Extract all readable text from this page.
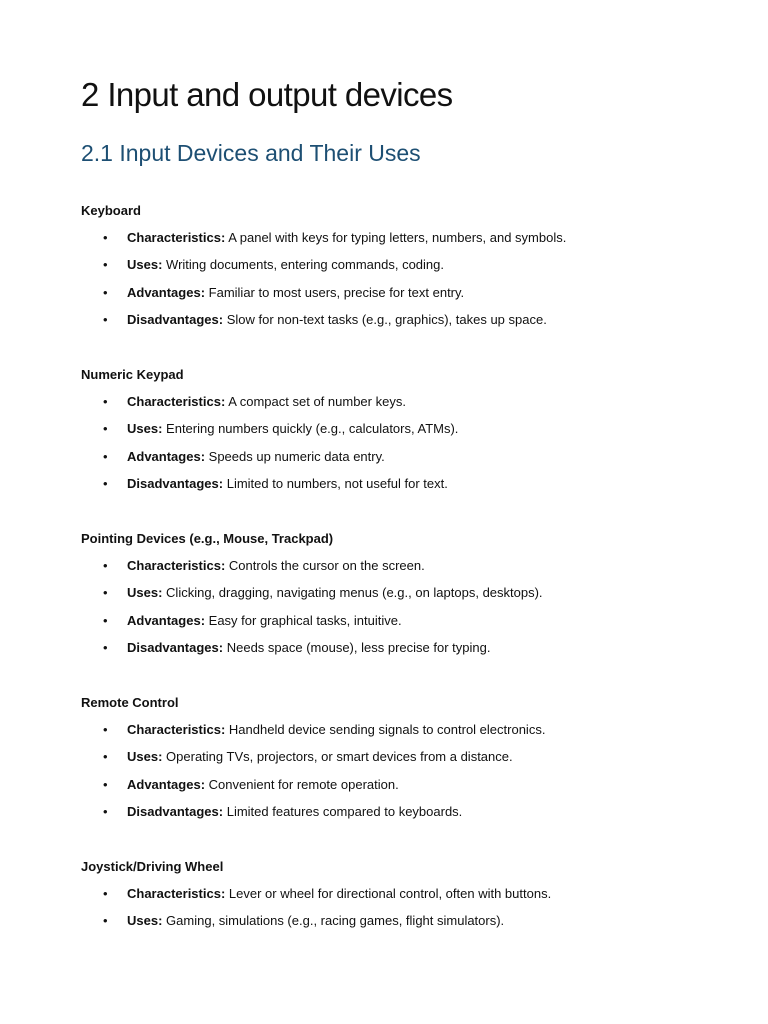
2 Input and output devices
2.1 Input Devices and Their Uses
Keyboard
• Characteristics: A panel with keys for typing letters, numbers, and symbols.
• Uses: Writing documents, entering commands, coding.
• Advantages: Familiar to most users, precise for text entry.
• Disadvantages: Slow for non-text tasks (e.g., graphics), takes up space.
Numeric Keypad
• Characteristics: A compact set of number keys.
• Uses: Entering numbers quickly (e.g., calculators, ATMs).
• Advantages: Speeds up numeric data entry.
• Disadvantages: Limited to numbers, not useful for text.
Pointing Devices (e.g., Mouse, Trackpad)
• Characteristics: Controls the cursor on the screen.
• Uses: Clicking, dragging, navigating menus (e.g., on laptops, desktops).
• Advantages: Easy for graphical tasks, intuitive.
• Disadvantages: Needs space (mouse), less precise for typing.
Remote Control
• Characteristics: Handheld device sending signals to control electronics.
• Uses: Operating TVs, projectors, or smart devices from a distance.
• Advantages: Convenient for remote operation.
• Disadvantages: Limited features compared to keyboards.
Joystick/Driving Wheel
• Characteristics: Lever or wheel for directional control, often with buttons.
• Uses: Gaming, simulations (e.g., racing games, flight simulators).
